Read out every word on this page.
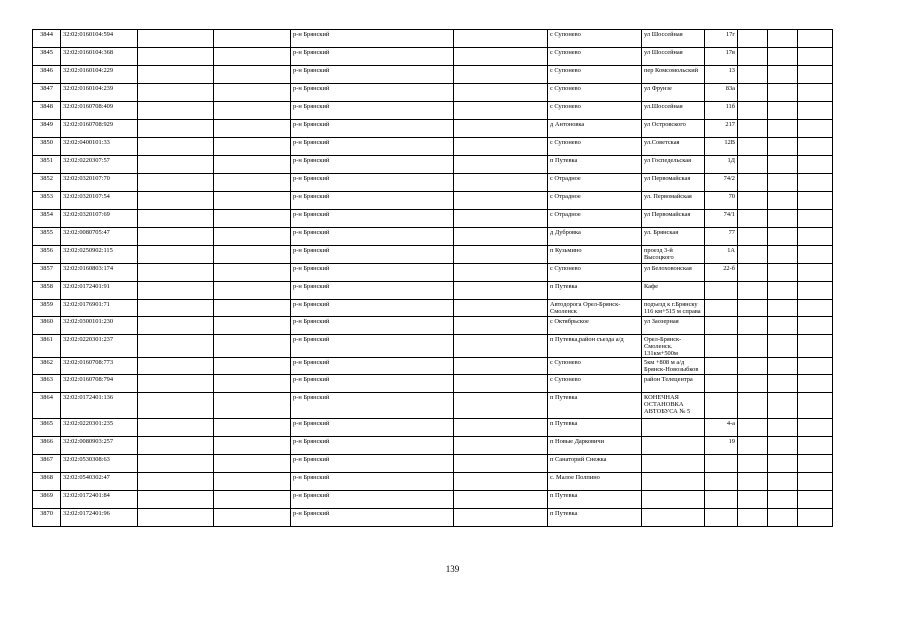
3844	32:02:0160104:594			р-н Брянский		с Супонево	ул Шоссейная	17г			
3845	32:02:0160104:368			р-н Брянский		с Супонево	ул Шоссейная	17в			
3846	32:02:0160104:229			р-н Брянский		с Супонево	пер Комсомольский	13			
3847	32:02:0160104:239			р-н Брянский		с Супонево	ул Фрунзе	83а			
3848	32:02:0160708:409			р-н Брянский		с Супонево	ул.Шоссейная	11б			
3849	32:02:0160708:929			р-н Брянский		д Антоновка	ул Островского	217			
3850	32:02:0400101:33			р-н Брянский		с Супонево	ул.Советская	12В			
3851	32:02:0220307:57			р-н Брянский		п Путевка	ул Госпедельская	1Д			
3852	32:02:0320107:70			р-н Брянский		с Отрадное	ул Первомайская	74/2			
3853	32:02:0320107:54			р-н Брянский		с Отрадное	ул. Первомайская	70			
3854	32:02:0320107:69			р-н Брянский		с Отрадное	ул Первомайская	74/1			
3855	32:02:0080705:47			р-н Брянский		д Дубровка	ул. Брянская	77			
3856	32:02:0250902:115			р-н Брянский		п Кузьмино	проезд 3-й Высоцкого	1А			
3857	32:02:0160803:174			р-н Брянский		с Супонево	ул Белоховонская	22-б			
3858	32:02:0172401:91			р-н Брянский		п Путевка	Кафе				
3859	32:02:0176901:71			р-н Брянский		Автодорога Орел-Брянск-Смоленск	подъезд к г.Брянску 116 км+515 м справа				
3860	32:02:0300101:230			р-н Брянский		с Октябрьское	ул Заозерная				
3861	32:02:0220301:237			р-н Брянский		п Путевка,район съезда а/д	Орел-Брянск-Смоленск. 131км+500м				
3862	32:02:0160708:773			р-н Брянский		с Супонево	5км +808 м а/д Брянск-Новозыбков				
3863	32:02:0160708:794			р-н Брянский		с Супонево	район Телецентра				
3864	32:02:0172401:136			р-н Брянский		п Путевка	КОНЕЧНАЯ ОСТАНОВКА АВТОБУСА № 5				
3865	32:02:0220301:235			р-н Брянский		п Путевка		4-а			
3866	32:02:0080903:257			р-н Брянский		п Новые Дарковичи		19			
3867	32:02:0530308:63			р-н Брянский		п Санаторий Снежка					
3868	32:02:0540302:47			р-н Брянский		с. Малое Полпино					
3869	32:02:0172401:84			р-н Брянский		п Путевка					
3870	32:02:0172401:96			р-н Брянский		п Путевка					
139
